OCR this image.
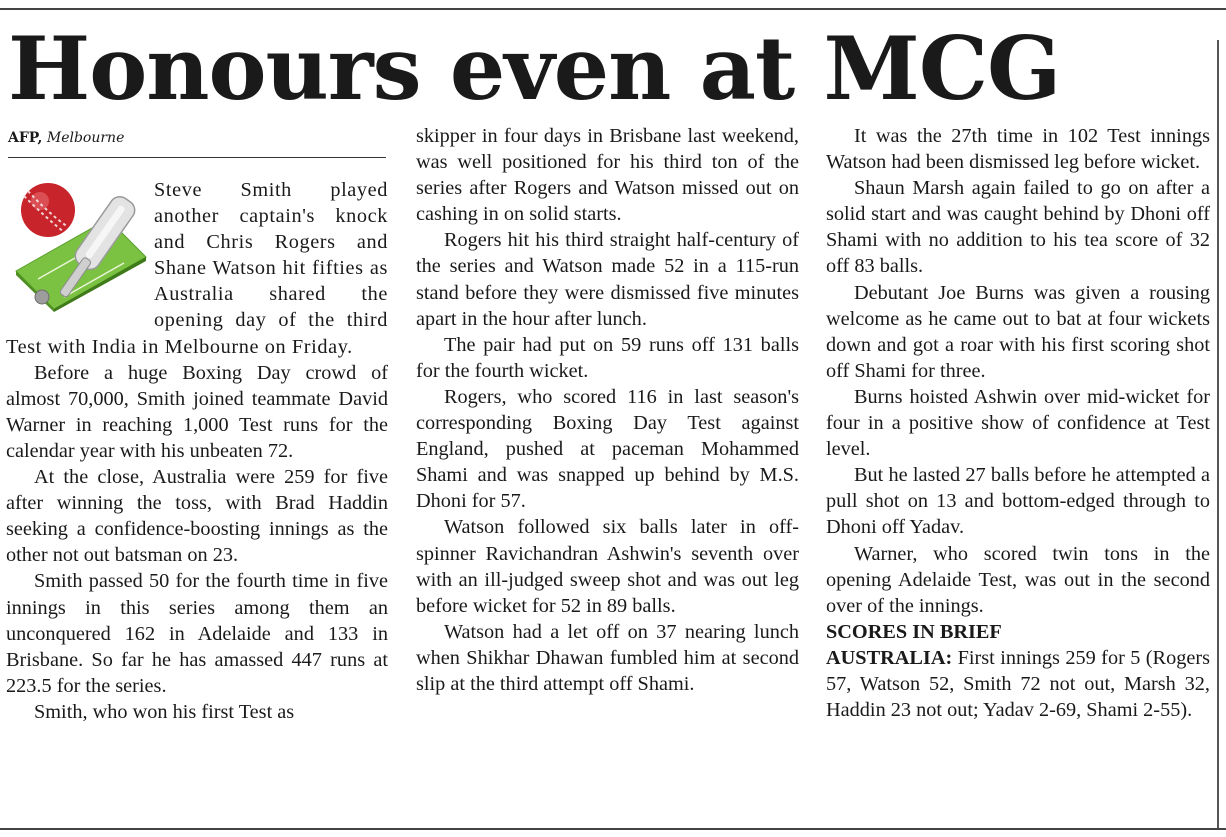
Honours even at MCG
AFP, Melbourne

Steve Smith played another captain's knock and Chris Rogers and Shane Watson hit fifties as Australia shared the opening day of the third Test with India in Melbourne on Friday.

Before a huge Boxing Day crowd of almost 70,000, Smith joined teammate David Warner in reaching 1,000 Test runs for the calendar year with his unbeaten 72.

At the close, Australia were 259 for five after winning the toss, with Brad Haddin seeking a confidence-boosting innings as the other not out batsman on 23.

Smith passed 50 for the fourth time in five innings in this series among them an unconquered 162 in Adelaide and 133 in Brisbane. So far he has amassed 447 runs at 223.5 for the series.

Smith, who won his first Test as

skipper in four days in Brisbane last weekend, was well positioned for his third ton of the series after Rogers and Watson missed out on cashing in on solid starts.

Rogers hit his third straight half-century of the series and Watson made 52 in a 115-run stand before they were dismissed five minutes apart in the hour after lunch.

The pair had put on 59 runs off 131 balls for the fourth wicket.

Rogers, who scored 116 in last season's corresponding Boxing Day Test against England, pushed at paceman Mohammed Shami and was snapped up behind by M.S. Dhoni for 57.

Watson followed six balls later in off-spinner Ravichandran Ashwin's seventh over with an ill-judged sweep shot and was out leg before wicket for 52 in 89 balls.

Watson had a let off on 37 nearing lunch when Shikhar Dhawan fumbled him at second slip at the third attempt off Shami.

It was the 27th time in 102 Test innings Watson had been dismissed leg before wicket.

Shaun Marsh again failed to go on after a solid start and was caught behind by Dhoni off Shami with no addition to his tea score of 32 off 83 balls.

Debutant Joe Burns was given a rousing welcome as he came out to bat at four wickets down and got a roar with his first scoring shot off Shami for three.

Burns hoisted Ashwin over mid-wicket for four in a positive show of confidence at Test level.

But he lasted 27 balls before he attempted a pull shot on 13 and bottom-edged through to Dhoni off Yadav.

Warner, who scored twin tons in the opening Adelaide Test, was out in the second over of the innings.

SCORES IN BRIEF

AUSTRALIA: First innings 259 for 5 (Rogers 57, Watson 52, Smith 72 not out, Marsh 32, Haddin 23 not out; Yadav 2-69, Shami 2-55).
